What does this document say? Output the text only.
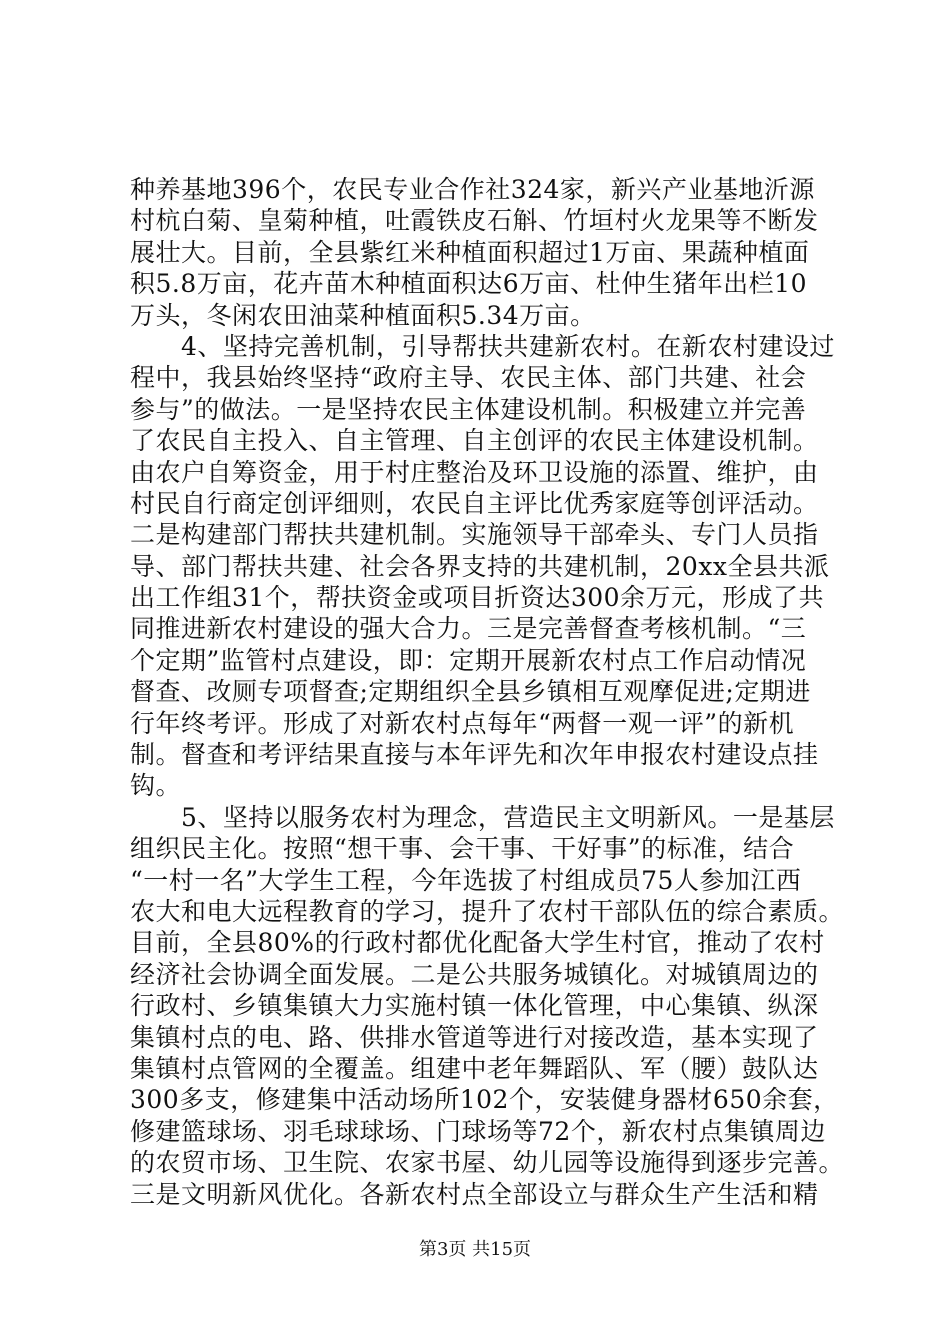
种养基地396个，农民专业合作社324家，新兴产业基地沂源
村杭白菊、皇菊种植，吐霞铁皮石斛、竹垣村火龙果等不断发
展壮大。目前，全县紫红米种植面积超过1万亩、果蔬种植面
积5.8万亩，花卉苗木种植面积达6万亩、杜仲生猪年出栏10
万头，冬闲农田油菜种植面积5.34万亩。
　　4、坚持完善机制，引导帮扶共建新农村。在新农村建设过
程中，我县始终坚持“政府主导、农民主体、部门共建、社会
参与”的做法。一是坚持农民主体建设机制。积极建立并完善
了农民自主投入、自主管理、自主创评的农民主体建设机制。
由农户自筹资金，用于村庄整治及环卫设施的添置、维护，由
村民自行商定创评细则，农民自主评比优秀家庭等创评活动。
二是构建部门帮扶共建机制。实施领导干部牵头、专门人员指
导、部门帮扶共建、社会各界支持的共建机制，20xx全县共派
出工作组31个，帮扶资金或项目折资达300余万元，形成了共
同推进新农村建设的强大合力。三是完善督查考核机制。“三
个定期”监管村点建设，即：定期开展新农村点工作启动情况
督查、改厕专项督查;定期组织全县乡镇相互观摩促进;定期进
行年终考评。形成了对新农村点每年“两督一观一评”的新机
制。督查和考评结果直接与本年评先和次年申报农村建设点挂
钩。
　　5、坚持以服务农村为理念，营造民主文明新风。一是基层
组织民主化。按照“想干事、会干事、干好事”的标准，结合
“一村一名”大学生工程，今年选拔了村组成员75人参加江西
农大和电大远程教育的学习，提升了农村干部队伍的综合素质。
目前，全县80%的行政村都优化配备大学生村官，推动了农村
经济社会协调全面发展。二是公共服务城镇化。对城镇周边的
行政村、乡镇集镇大力实施村镇一体化管理，中心集镇、纵深
集镇村点的电、路、供排水管道等进行对接改造，基本实现了
集镇村点管网的全覆盖。组建中老年舞蹈队、军（腰）鼓队达
300多支，修建集中活动场所102个，安装健身器材650余套，
修建篮球场、羽毛球球场、门球场等72个，新农村点集镇周边
的农贸市场、卫生院、农家书屋、幼儿园等设施得到逐步完善。
三是文明新风优化。各新农村点全部设立与群众生产生活和精
第3页 共15页
